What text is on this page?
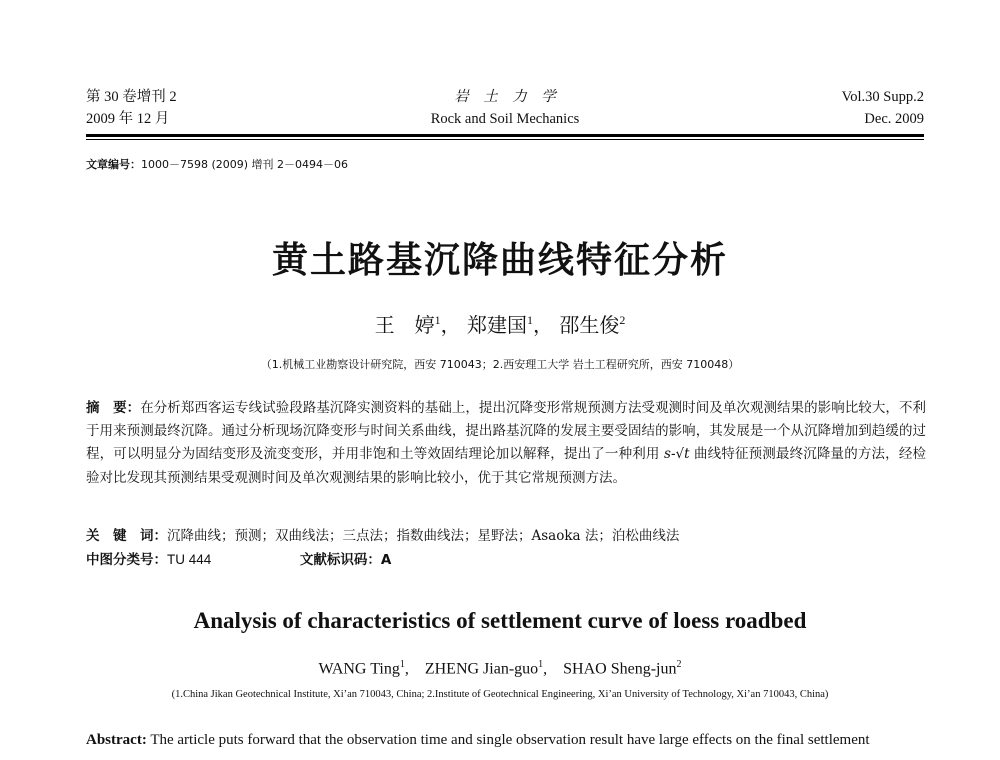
第 30 卷增刊 2
2009 年 12 月
岩　土　力　学
Rock and Soil Mechanics
Vol.30 Supp.2
Dec. 2009
文章编号：1000－7598 (2009) 增刊 2－0494－06
黄土路基沉降曲线特征分析
王　婷$^1$， 郑建国$^1$， 邵生俊$^2$
（1.机械工业勘察设计研究院，西安 710043；2.西安理工大学 岩土工程研究所，西安 710048）
摘　要：在分析郑西客运专线试验段路基沉降实测资料的基础上，提出沉降变形常规预测方法受观测时间及单次观测结果的影响比较大，不利于用来预测最终沉降。通过分析现场沉降变形与时间关系曲线，提出路基沉降的发展主要受固结的影响，其发展是一个从沉降增加到趋缓的过程，可以明显分为固结变形及流变变形，并用非饱和土等效固结理论加以解释，提出了一种利用 s-√t 曲线特征预测最终沉降量的方法，经检验对比发现其预测结果受观测时间及单次观测结果的影响比较小，优于其它常规预测方法。
关　键　词：沉降曲线；预测；双曲线法；三点法；指数曲线法；星野法；Asaoka 法；泊松曲线法
中图分类号：TU 444	文献标识码：A
Analysis of characteristics of settlement curve of loess roadbed
WANG Ting$^1$,    ZHENG Jian-guo$^1$,    SHAO Sheng-jun$^2$
(1.China Jikan Geotechnical Institute, Xi’an 710043, China; 2.Institute of Geotechnical Engineering, Xi’an University of Technology, Xi’an 710043, China)
Abstract: The article puts forward that the observation time and single observation result have large effects on the final settlement
